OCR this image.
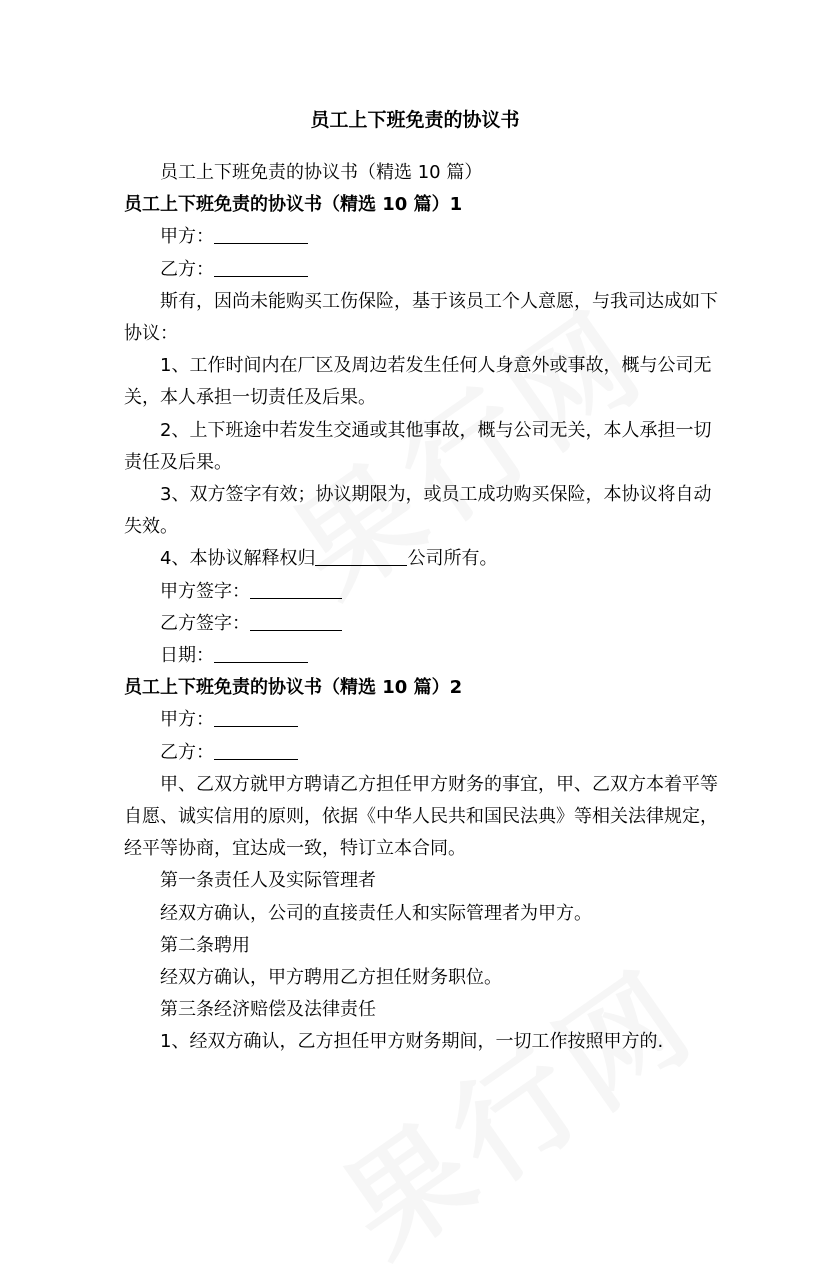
员工上下班免责的协议书

员工上下班免责的协议书（精选 10 篇）

员工上下班免责的协议书（精选 10 篇）1

甲方：

乙方：

斯有，因尚未能购买工伤保险，基于该员工个人意愿，与我司达成如下协议：

1、工作时间内在厂区及周边若发生任何人身意外或事故，概与公司无关，本人承担一切责任及后果。

2、上下班途中若发生交通或其他事故，概与公司无关，本人承担一切责任及后果。

3、双方签字有效；协议期限为，或员工成功购买保险，本协议将自动失效。

4、本协议解释权归	公司所有。

甲方签字：

乙方签字：

日期：

员工上下班免责的协议书（精选 10 篇）2

甲方：

乙方：

甲、乙双方就甲方聘请乙方担任甲方财务的事宜，甲、乙双方本着平等自愿、诚实信用的原则，依据《中华人民共和国民法典》等相关法律规定，经平等协商，宜达成一致，特订立本合同。

第一条责任人及实际管理者

经双方确认，公司的直接责任人和实际管理者为甲方。

第二条聘用

经双方确认，甲方聘用乙方担任财务职位。

第三条经济赔偿及法律责任

1、经双方确认，乙方担任甲方财务期间，一切工作按照甲方的.
